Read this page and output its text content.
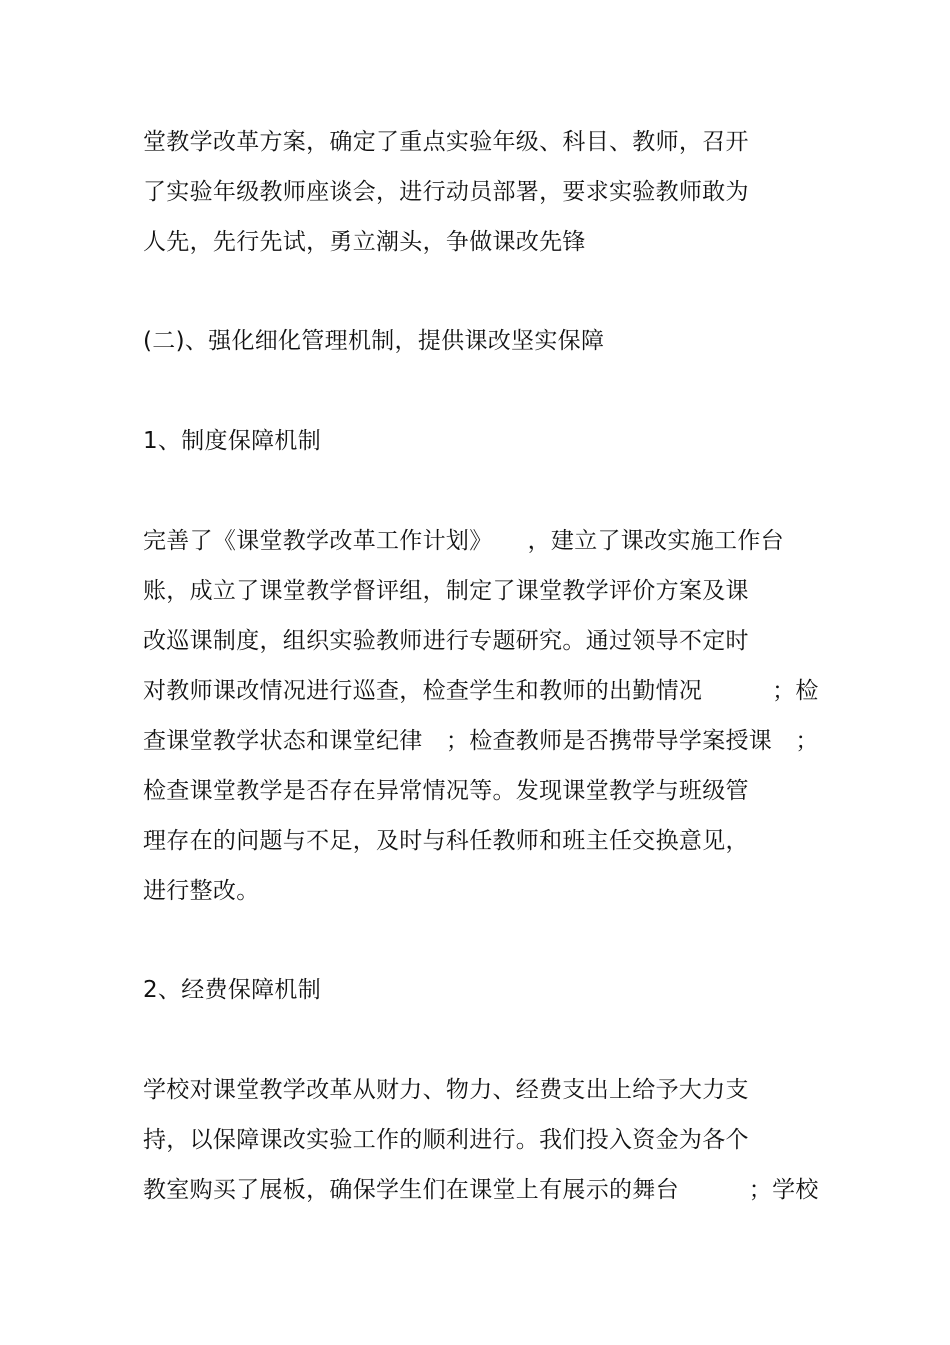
堂教学改革方案，确定了重点实验年级、科目、教师，召开
了实验年级教师座谈会，进行动员部署，要求实验教师敢为
人先，先行先试，勇立潮头，争做课改先锋
(二)、强化细化管理机制，提供课改坚实保障
1、制度保障机制
完善了《课堂教学改革工作计划》　　，建立了课改实施工作台
账，成立了课堂教学督评组，制定了课堂教学评价方案及课
改巡课制度，组织实验教师进行专题研究。通过领导不定时
对教师课改情况进行巡查，检查学生和教师的出勤情况　　　；检
查课堂教学状态和课堂纪律　；检查教师是否携带导学案授课　；
检查课堂教学是否存在异常情况等。发现课堂教学与班级管
理存在的问题与不足，及时与科任教师和班主任交换意见，
进行整改。
2、经费保障机制
学校对课堂教学改革从财力、物力、经费支出上给予大力支
持，以保障课改实验工作的顺利进行。我们投入资金为各个
教室购买了展板，确保学生们在课堂上有展示的舞台　　　；学校
